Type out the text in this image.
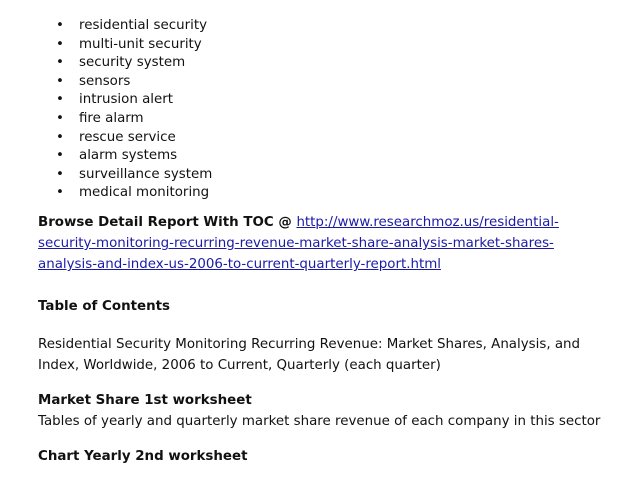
• residential security
• multi-unit security
• security system
• sensors
• intrusion alert
• fire alarm
• rescue service
• alarm systems
• surveillance system
• medical monitoring
Browse Detail Report With TOC @ http://www.researchmoz.us/residential-
security-monitoring-recurring-revenue-market-share-analysis-market-shares-
analysis-and-index-us-2006-to-current-quarterly-report.html
Table of Contents
Residential Security Monitoring Recurring Revenue: Market Shares, Analysis, and
Index, Worldwide, 2006 to Current, Quarterly (each quarter)
Market Share 1st worksheet
Tables of yearly and quarterly market share revenue of each company in this sector
Chart Yearly 2nd worksheet
